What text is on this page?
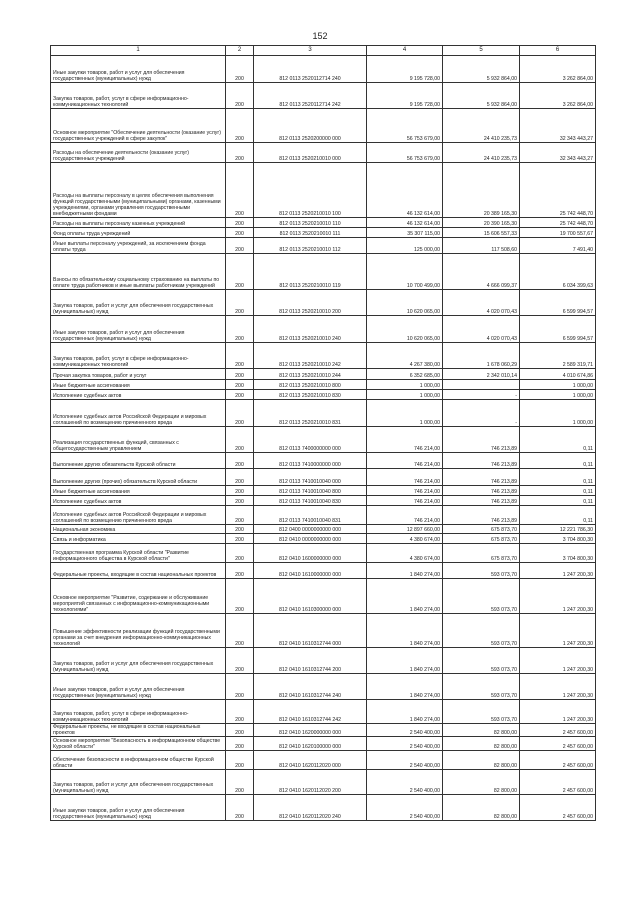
152
1	2	3	4	5	6
Иные закупки товаров, работ и услуг для обеспечения государственных (муниципальных) нужд	200	812 0113 2520112714 240	9 195 728,00	5 932 864,00	3 262 864,00
Закупка товаров, работ, услуг в сфере информационно-коммуникационных технологий	200	812 0113 2520112714 242	9 195 728,00	5 932 864,00	3 262 864,00
Основное мероприятие "Обеспечение деятельности (оказание услуг) государственных учреждений в сфере закупок"	200	812 0113 2520200000 000	56 753 679,00	24 410 235,73	32 343 443,27
Расходы на обеспечение деятельности (оказание услуг) государственных учреждений	200	812 0113 2520210010 000	56 753 679,00	24 410 235,73	32 343 443,27
Расходы на выплаты персоналу в целях обеспечения выполнения функций государственными (муниципальными) органами, казенными учреждениями, органами управления государственными внебюджетными фондами	200	812 0113 2520210010 100	46 132 614,00	20 389 165,30	25 742 448,70
Расходы на выплаты персоналу казенных учреждений	200	812 0113 2520210010 110	46 132 614,00	20 390 165,30	25 742 448,70
Фонд оплаты труда учреждений	200	812 0113 2520210010 111	35 307 115,00	15 606 557,33	19 700 557,67
Иные выплаты персоналу учреждений, за исключением фонда оплаты труда	200	812 0113 2520210010 112	125 000,00	117 508,60	7 491,40
Взносы по обязательному социальному страхованию на выплаты по оплате труда работников и иные выплаты работникам учреждений	200	812 0113 2520210010 119	10 700 499,00	4 666 099,37	6 034 399,63
Закупка товаров, работ и услуг для обеспечения государственных (муниципальных) нужд	200	812 0113 2520210010 200	10 620 065,00	4 020 070,43	6 599 994,57
Иные закупки товаров, работ и услуг для обеспечения государственных (муниципальных) нужд	200	812 0113 2520210010 240	10 620 065,00	4 020 070,43	6 599 994,57
Закупка товаров, работ, услуг в сфере информационно-коммуникационных технологий	200	812 0113 2520210010 242	4 267 380,00	1 678 060,29	2 589 319,71
Прочая закупка товаров, работ и услуг	200	812 0113 2520210010 244	6 352 685,00	2 342 010,14	4 010 674,86
Иные бюджетные ассигнования	200	812 0113 2520210010 800	1 000,00		1 000,00
Исполнение судебных актов	200	812 0113 2520210010 830	1 000,00	-	1 000,00
Исполнение судебных актов Российской Федерации и мировых соглашений по возмещению причиненного вреда	200	812 0113 2520210010 831	1 000,00	-	1 000,00
Реализация государственных функций, связанных с общегосударственным управлением	200	812 0113 7400000000 000	746 214,00	746 213,89	0,11
Выполнение других обязательств Курской области	200	812 0113 7410000000 000	746 214,00	746 213,89	0,11
Выполнение других (прочих) обязательств Курской области	200	812 0113 7410010040 000	746 214,00	746 213,89	0,11
Иные бюджетные ассигнования	200	812 0113 7410010040 800	746 214,00	746 213,89	0,11
Исполнение судебных актов	200	812 0113 7410010040 830	746 214,00	746 213,89	0,11
Исполнение судебных актов Российской Федерации и мировых соглашений по возмещению причиненного вреда	200	812 0113 7410010040 831	746 214,00	746 213,89	0,11
Национальная экономика	200	812 0400 0000000000 000	12 897 660,00	675 873,70	12 221 786,30
Связь и информатика	200	812 0410 0000000000 000	4 380 674,00	675 873,70	3 704 800,30
Государственная программа Курской области "Развитие информационного общества в Курской области"	200	812 0410 1600000000 000	4 380 674,00	675 873,70	3 704 800,30
Федеральные проекты, входящие в состав национальных проектов	200	812 0410 1610000000 000	1 840 274,00	593 073,70	1 247 200,30
Основное мероприятие "Развитие, содержание и обслуживание мероприятий связанных с информационно-коммуникационными технологиями"	200	812 0410 1610300000 000	1 840 274,00	593 073,70	1 247 200,30
Повышение эффективности реализации функций государственными органами за счет внедрения информационно-коммуникационных технологий	200	812 0410 1610312744 000	1 840 274,00	593 073,70	1 247 200,30
Закупка товаров, работ и услуг для обеспечения государственных (муниципальных) нужд	200	812 0410 1610312744 200	1 840 274,00	593 073,70	1 247 200,30
Иные закупки товаров, работ и услуг для обеспечения государственных (муниципальных) нужд	200	812 0410 1610312744 240	1 840 274,00	593 073,70	1 247 200,30
Закупка товаров, работ, услуг в сфере информационно-коммуникационных технологий	200	812 0410 1610312744 242	1 840 274,00	593 073,70	1 247 200,30
Федеральные проекты, не входящие в состав национальных проектов	200	812 0410 1620000000 000	2 540 400,00	82 800,00	2 457 600,00
Основное мероприятие "Безопасность в информационном обществе Курской области"	200	812 0410 1620100000 000	2 540 400,00	82 800,00	2 457 600,00
Обеспечение безопасности в информационном обществе Курской области	200	812 0410 1620112020 000	2 540 400,00	82 800,00	2 457 600,00
Закупка товаров, работ и услуг для обеспечения государственных (муниципальных) нужд	200	812 0410 1620112020 200	2 540 400,00	82 800,00	2 457 600,00
Иные закупки товаров, работ и услуг для обеспечения государственных (муниципальных) нужд	200	812 0410 1620112020 240	2 540 400,00	82 800,00	2 457 600,00
